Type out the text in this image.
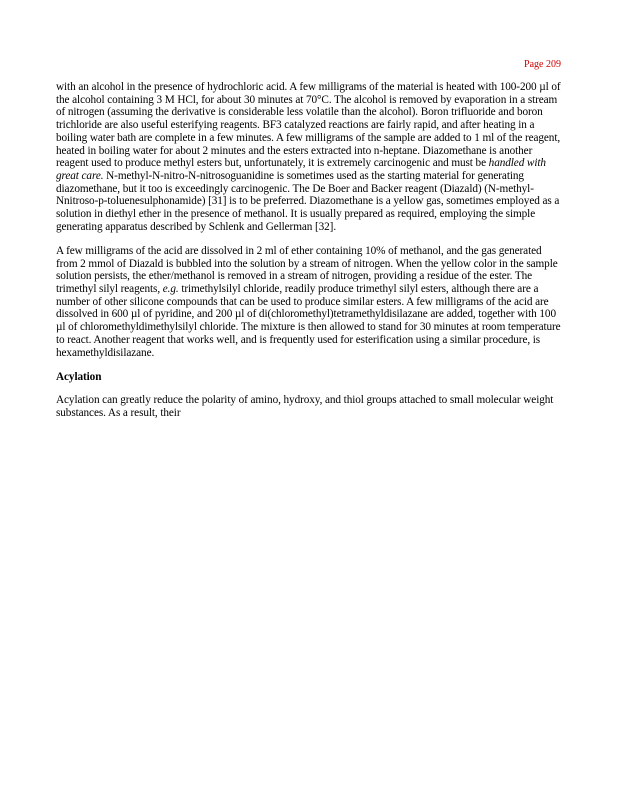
Page 209

with an alcohol in the presence of hydrochloric acid. A few milligrams of the material is heated with 100-200 µl of the alcohol containing 3 M HCl, for about 30 minutes at 70°C. The alcohol is removed by evaporation in a stream of nitrogen (assuming the derivative is considerable less volatile than the alcohol). Boron trifluoride and boron trichloride are also useful esterifying reagents. BF3 catalyzed reactions are fairly rapid, and after heating in a boiling water bath are complete in a few minutes. A few milligrams of the sample are added to 1 ml of the reagent, heated in boiling water for about 2 minutes and the esters extracted into n-heptane. Diazomethane is another reagent used to produce methyl esters but, unfortunately, it is extremely carcinogenic and must be handled with great care. N-methyl-N-nitro-N-nitrosoguanidine is sometimes used as the starting material for generating diazomethane, but it too is exceedingly carcinogenic. The De Boer and Backer reagent (Diazald) (N-methyl-Nnitroso-p-toluenesulphonamide) [31] is to be preferred. Diazomethane is a yellow gas, sometimes employed as a solution in diethyl ether in the presence of methanol. It is usually prepared as required, employing the simple generating apparatus described by Schlenk and Gellerman [32].

A few milligrams of the acid are dissolved in 2 ml of ether containing 10% of methanol, and the gas generated from 2 mmol of Diazald is bubbled into the solution by a stream of nitrogen. When the yellow color in the sample solution persists, the ether/methanol is removed in a stream of nitrogen, providing a residue of the ester. The trimethyl silyl reagents, e.g. trimethylsilyl chloride, readily produce trimethyl silyl esters, although there are a number of other silicone compounds that can be used to produce similar esters. A few milligrams of the acid are dissolved in 600 µl of pyridine, and 200 µl of di(chloromethyl)tetramethyldisilazane are added, together with 100 µl of chloromethyldimethylsilyl chloride. The mixture is then allowed to stand for 30 minutes at room temperature to react. Another reagent that works well, and is frequently used for esterification using a similar procedure, is hexamethyldisilazane.

Acylation

Acylation can greatly reduce the polarity of amino, hydroxy, and thiol groups attached to small molecular weight substances. As a result, their
